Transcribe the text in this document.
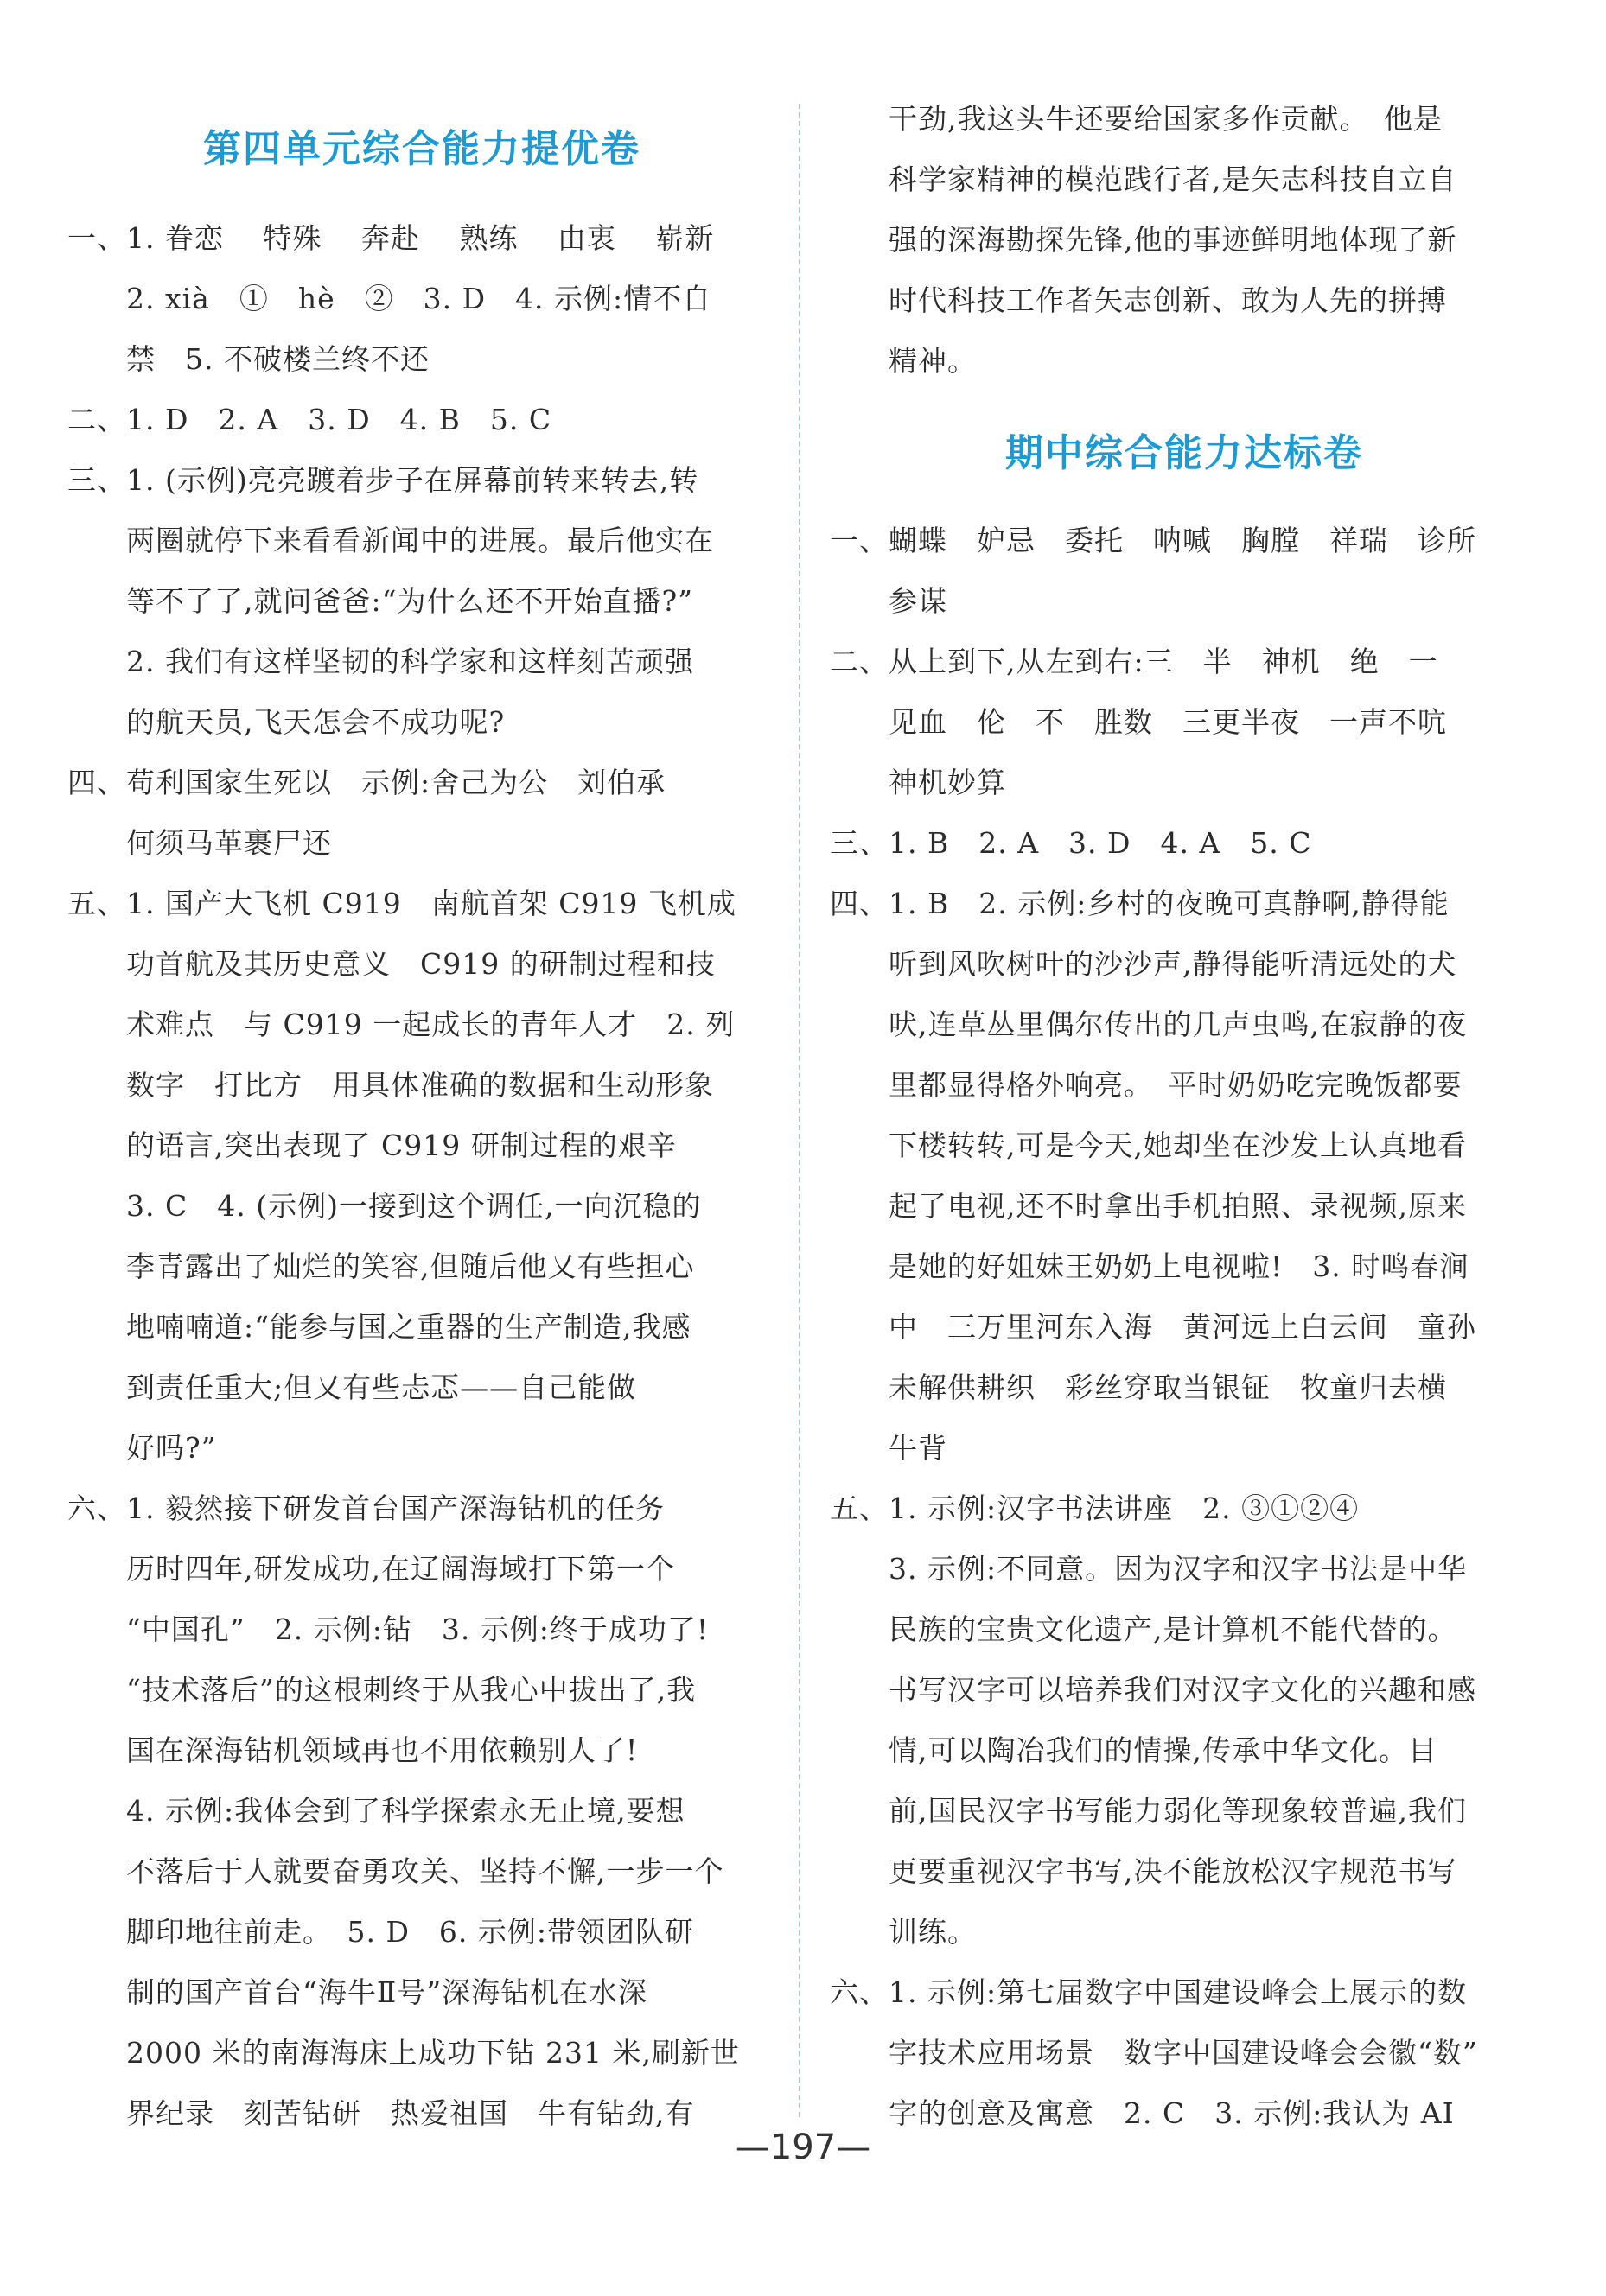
第四单元综合能力提优卷
一、1. 眷恋　 特殊　 奔赴　 熟练　 由衷　 崭新
2. xià　①　hè　②　3. D　4. 示例:情不自
禁　5. 不破楼兰终不还
二、1. D　2. A　3. D　4. B　5. C
三、1. (示例)亮亮踱着步子在屏幕前转来转去,转
两圈就停下来看看新闻中的进展。最后他实在
等不了了,就问爸爸:“为什么还不开始直播?”
2. 我们有这样坚韧的科学家和这样刻苦顽强
的航天员,飞天怎会不成功呢?
四、苟利国家生死以　示例:舍己为公　刘伯承
何须马革裹尸还
五、1. 国产大飞机 C919　南航首架 C919 飞机成
功首航及其历史意义　C919 的研制过程和技
术难点　与 C919 一起成长的青年人才　2. 列
数字　打比方　用具体准确的数据和生动形象
的语言,突出表现了 C919 研制过程的艰辛
3. C　4. (示例)一接到这个调任,一向沉稳的
李青露出了灿烂的笑容,但随后他又有些担心
地喃喃道:“能参与国之重器的生产制造,我感
到责任重大;但又有些忐忑——自己能做
好吗?”
六、1. 毅然接下研发首台国产深海钻机的任务
历时四年,研发成功,在辽阔海域打下第一个
“中国孔”　2. 示例:钻　3. 示例:终于成功了!
“技术落后”的这根刺终于从我心中拔出了,我
国在深海钻机领域再也不用依赖别人了!
4. 示例:我体会到了科学探索永无止境,要想
不落后于人就要奋勇攻关、坚持不懈,一步一个
脚印地往前走。　5. D　6. 示例:带领团队研
制的国产首台“海牛Ⅱ号”深海钻机在水深
2000 米的南海海床上成功下钻 231 米,刷新世
界纪录　刻苦钻研　热爱祖国　牛有钻劲,有
干劲,我这头牛还要给国家多作贡献。　他是
科学家精神的模范践行者,是矢志科技自立自
强的深海勘探先锋,他的事迹鲜明地体现了新
时代科技工作者矢志创新、敢为人先的拼搏
精神。
期中综合能力达标卷
一、蝴蝶　妒忌　委托　呐喊　胸膛　祥瑞　诊所
参谋
二、从上到下,从左到右:三　半　神机　绝　一
见血　伦　不　胜数　三更半夜　一声不吭
神机妙算
三、1. B　2. A　3. D　4. A　5. C
四、1. B　2. 示例:乡村的夜晚可真静啊,静得能
听到风吹树叶的沙沙声,静得能听清远处的犬
吠,连草丛里偶尔传出的几声虫鸣,在寂静的夜
里都显得格外响亮。　平时奶奶吃完晚饭都要
下楼转转,可是今天,她却坐在沙发上认真地看
起了电视,还不时拿出手机拍照、录视频,原来
是她的好姐妹王奶奶上电视啦!　3. 时鸣春涧
中　三万里河东入海　黄河远上白云间　童孙
未解供耕织　彩丝穿取当银钲　牧童归去横
牛背
五、1. 示例:汉字书法讲座　2. ③①②④
3. 示例:不同意。因为汉字和汉字书法是中华
民族的宝贵文化遗产,是计算机不能代替的。
书写汉字可以培养我们对汉字文化的兴趣和感
情,可以陶冶我们的情操,传承中华文化。目
前,国民汉字书写能力弱化等现象较普遍,我们
更要重视汉字书写,决不能放松汉字规范书写
训练。
六、1. 示例:第七届数字中国建设峰会上展示的数
字技术应用场景　数字中国建设峰会会徽“数”
字的创意及寓意　2. C　3. 示例:我认为 AI
—197—
